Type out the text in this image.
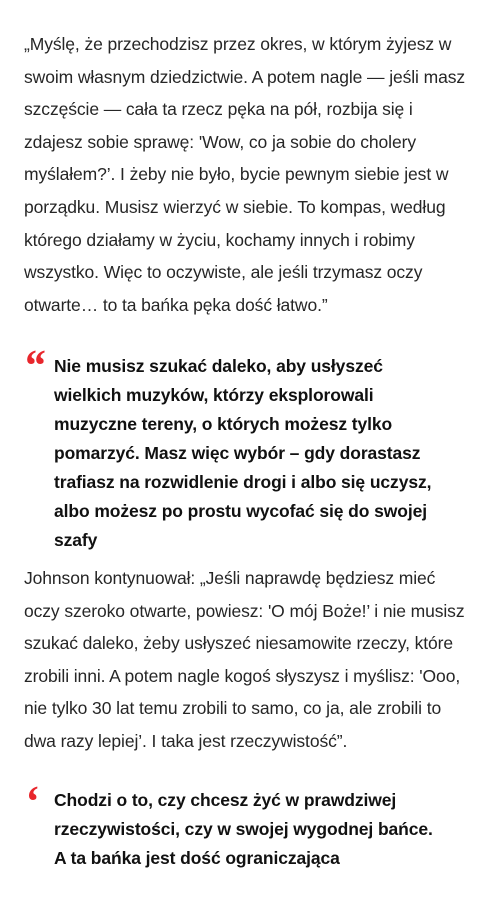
„Myślę, że przechodzisz przez okres, w którym żyjesz w swoim własnym dziedzictwie. A potem nagle — jeśli masz szczęście — cała ta rzecz pęka na pół, rozbija się i zdajesz sobie sprawę: 'Wow, co ja sobie do cholery myślałem?’. I żeby nie było, bycie pewnym siebie jest w porządku. Musisz wierzyć w siebie. To kompas, według którego działamy w życiu, kochamy innych i robimy wszystko. Więc to oczywiste, ale jeśli trzymasz oczy otwarte… to ta bańka pęka dość łatwo.”

“ Nie musisz szukać daleko, aby usłyszeć wielkich muzyków, którzy eksplorowali muzyczne tereny, o których możesz tylko pomarzyć. Masz więc wybór – gdy dorastasz trafiasz na rozwidlenie drogi i albo się uczysz, albo możesz po prostu wycofać się do swojej szafy

Johnson kontynuował: „Jeśli naprawdę będziesz mieć oczy szeroko otwarte, powiesz: 'O mój Boże!’ i nie musisz szukać daleko, żeby usłyszeć niesamowite rzeczy, które zrobili inni. A potem nagle kogoś słyszysz i myślisz: 'Ooo, nie tylko 30 lat temu zrobili to samo, co ja, ale zrobili to dwa razy lepiej’. I taka jest rzeczywistość”.

‘ Chodzi o to, czy chcesz żyć w prawdziwej rzeczywistości, czy w swojej wygodnej bańce. A ta bańka jest dość ograniczająca
